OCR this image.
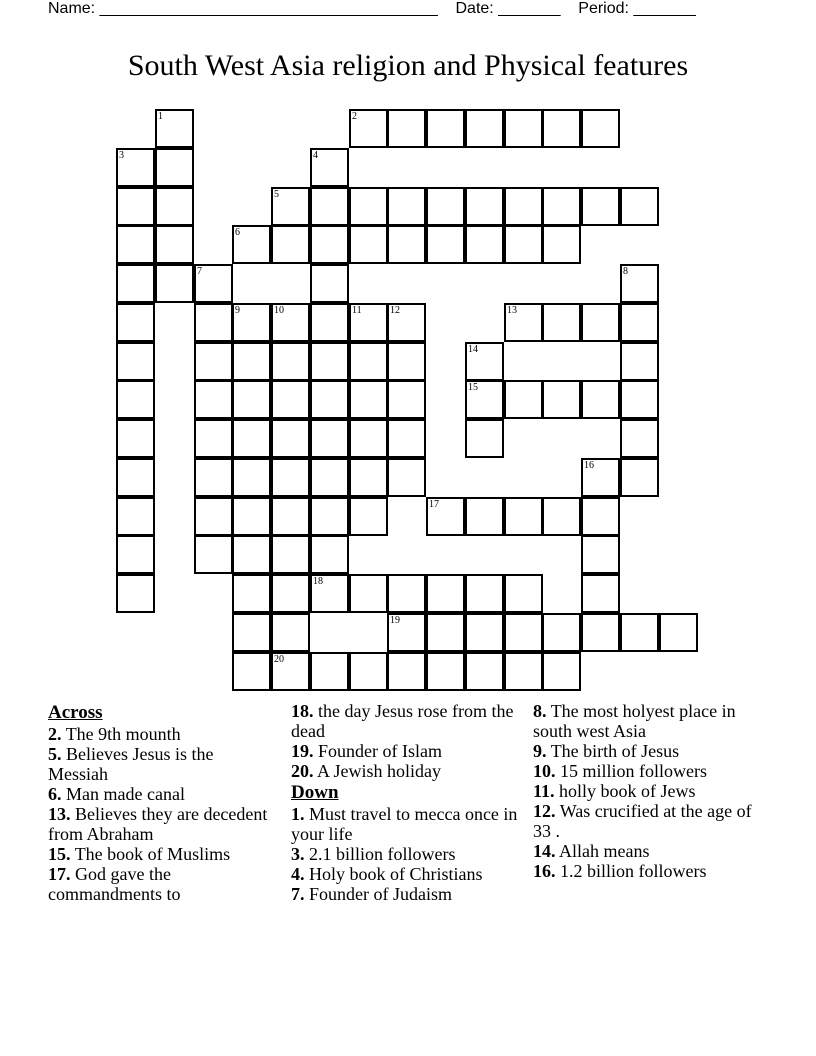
Name: ______________________________________ Date: _______ Period: _______
South West Asia religion and Physical features
1	2
3	4
5
6
7	8
9	10	11	12	13
14
15
16
17
18
19
20
Across
2. The 9th mounth
5. Believes Jesus is the Messiah
6. Man made canal
13. Believes they are decedent from Abraham
15. The book of Muslims
17. God gave the commandments to
18. the day Jesus rose from the dead
19. Founder of Islam
20. A Jewish holiday
Down
1. Must travel to mecca once in your life
3. 2.1 billion followers
4. Holy book of Christians
7. Founder of Judaism
8. The most holyest place in south west Asia
9. The birth of Jesus
10. 15 million followers
11. holly book of Jews
12. Was crucified at the age of 33 .
14. Allah means
16. 1.2 billion followers
